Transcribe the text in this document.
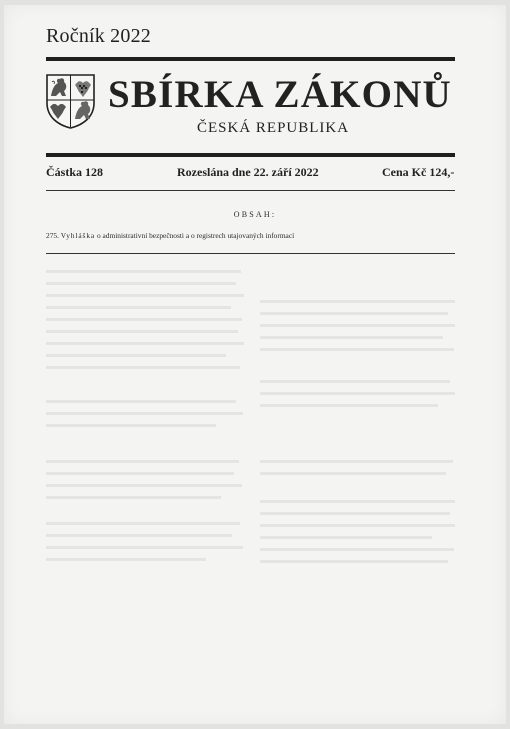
Ročník 2022
SBÍRKA ZÁKONŮ
ČESKÁ REPUBLIKA
Částka 128	Rozeslána dne 22. září 2022	Cena Kč 124,-
OBSAH:
275. Vyhláška o administrativní bezpečnosti a o registrech utajovaných informací
